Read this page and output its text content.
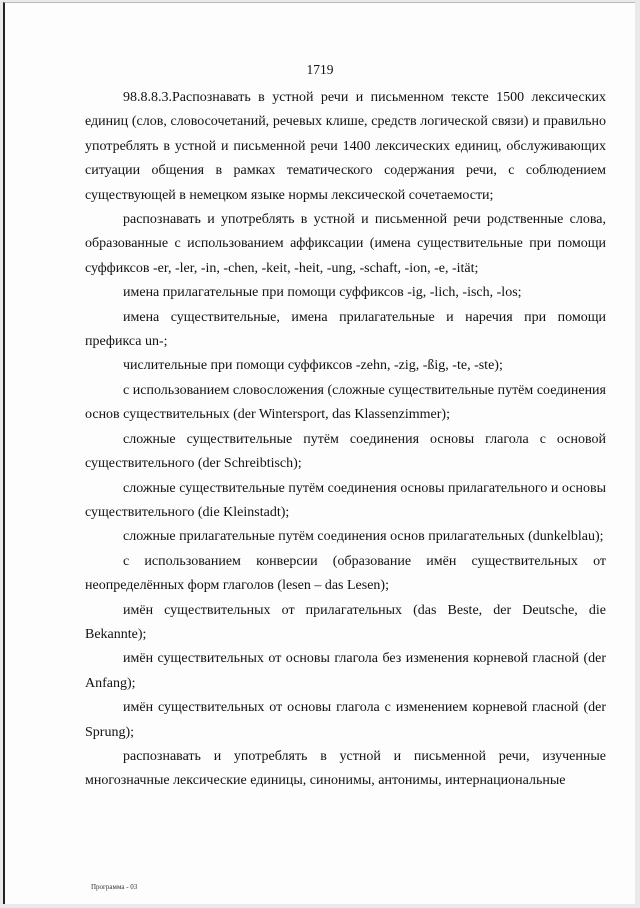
1719

98.8.8.3.Распознавать в устной речи и письменном тексте 1500 лексических единиц (слов, словосочетаний, речевых клише, средств логической связи) и правильно употреблять в устной и письменной речи 1400 лексических единиц, обслуживающих ситуации общения в рамках тематического содержания речи, с соблюдением существующей в немецком языке нормы лексической сочетаемости;

распознавать и употреблять в устной и письменной речи родственные слова, образованные с использованием аффиксации (имена существительные при помощи суффиксов -er, -ler, -in, -chen, -keit, -heit, -ung, -schaft, -ion, -e, -ität;

имена прилагательные при помощи суффиксов -ig, -lich, -isch, -los;

имена существительные, имена прилагательные и наречия при помощи префикса un-;

числительные при помощи суффиксов -zehn, -zig, -ßig, -te, -ste);

с использованием словосложения (сложные существительные путём соединения основ существительных (der Wintersport, das Klassenzimmer);

сложные существительные путём соединения основы глагола с основой существительного (der Schreibtisch);

сложные существительные путём соединения основы прилагательного и основы существительного (die Kleinstadt);

сложные прилагательные путём соединения основ прилагательных (dunkelblau);

с использованием конверсии (образование имён существительных от неопределённых форм глаголов (lesen – das Lesen);

имён существительных от прилагательных (das Beste, der Deutsche, die Bekannte);

имён существительных от основы глагола без изменения корневой гласной (der Anfang);

имён существительных от основы глагола с изменением корневой гласной (der Sprung);

распознавать и употреблять в устной и письменной речи, изученные многозначные лексические единицы, синонимы, антонимы, интернациональные

Программа - 03
